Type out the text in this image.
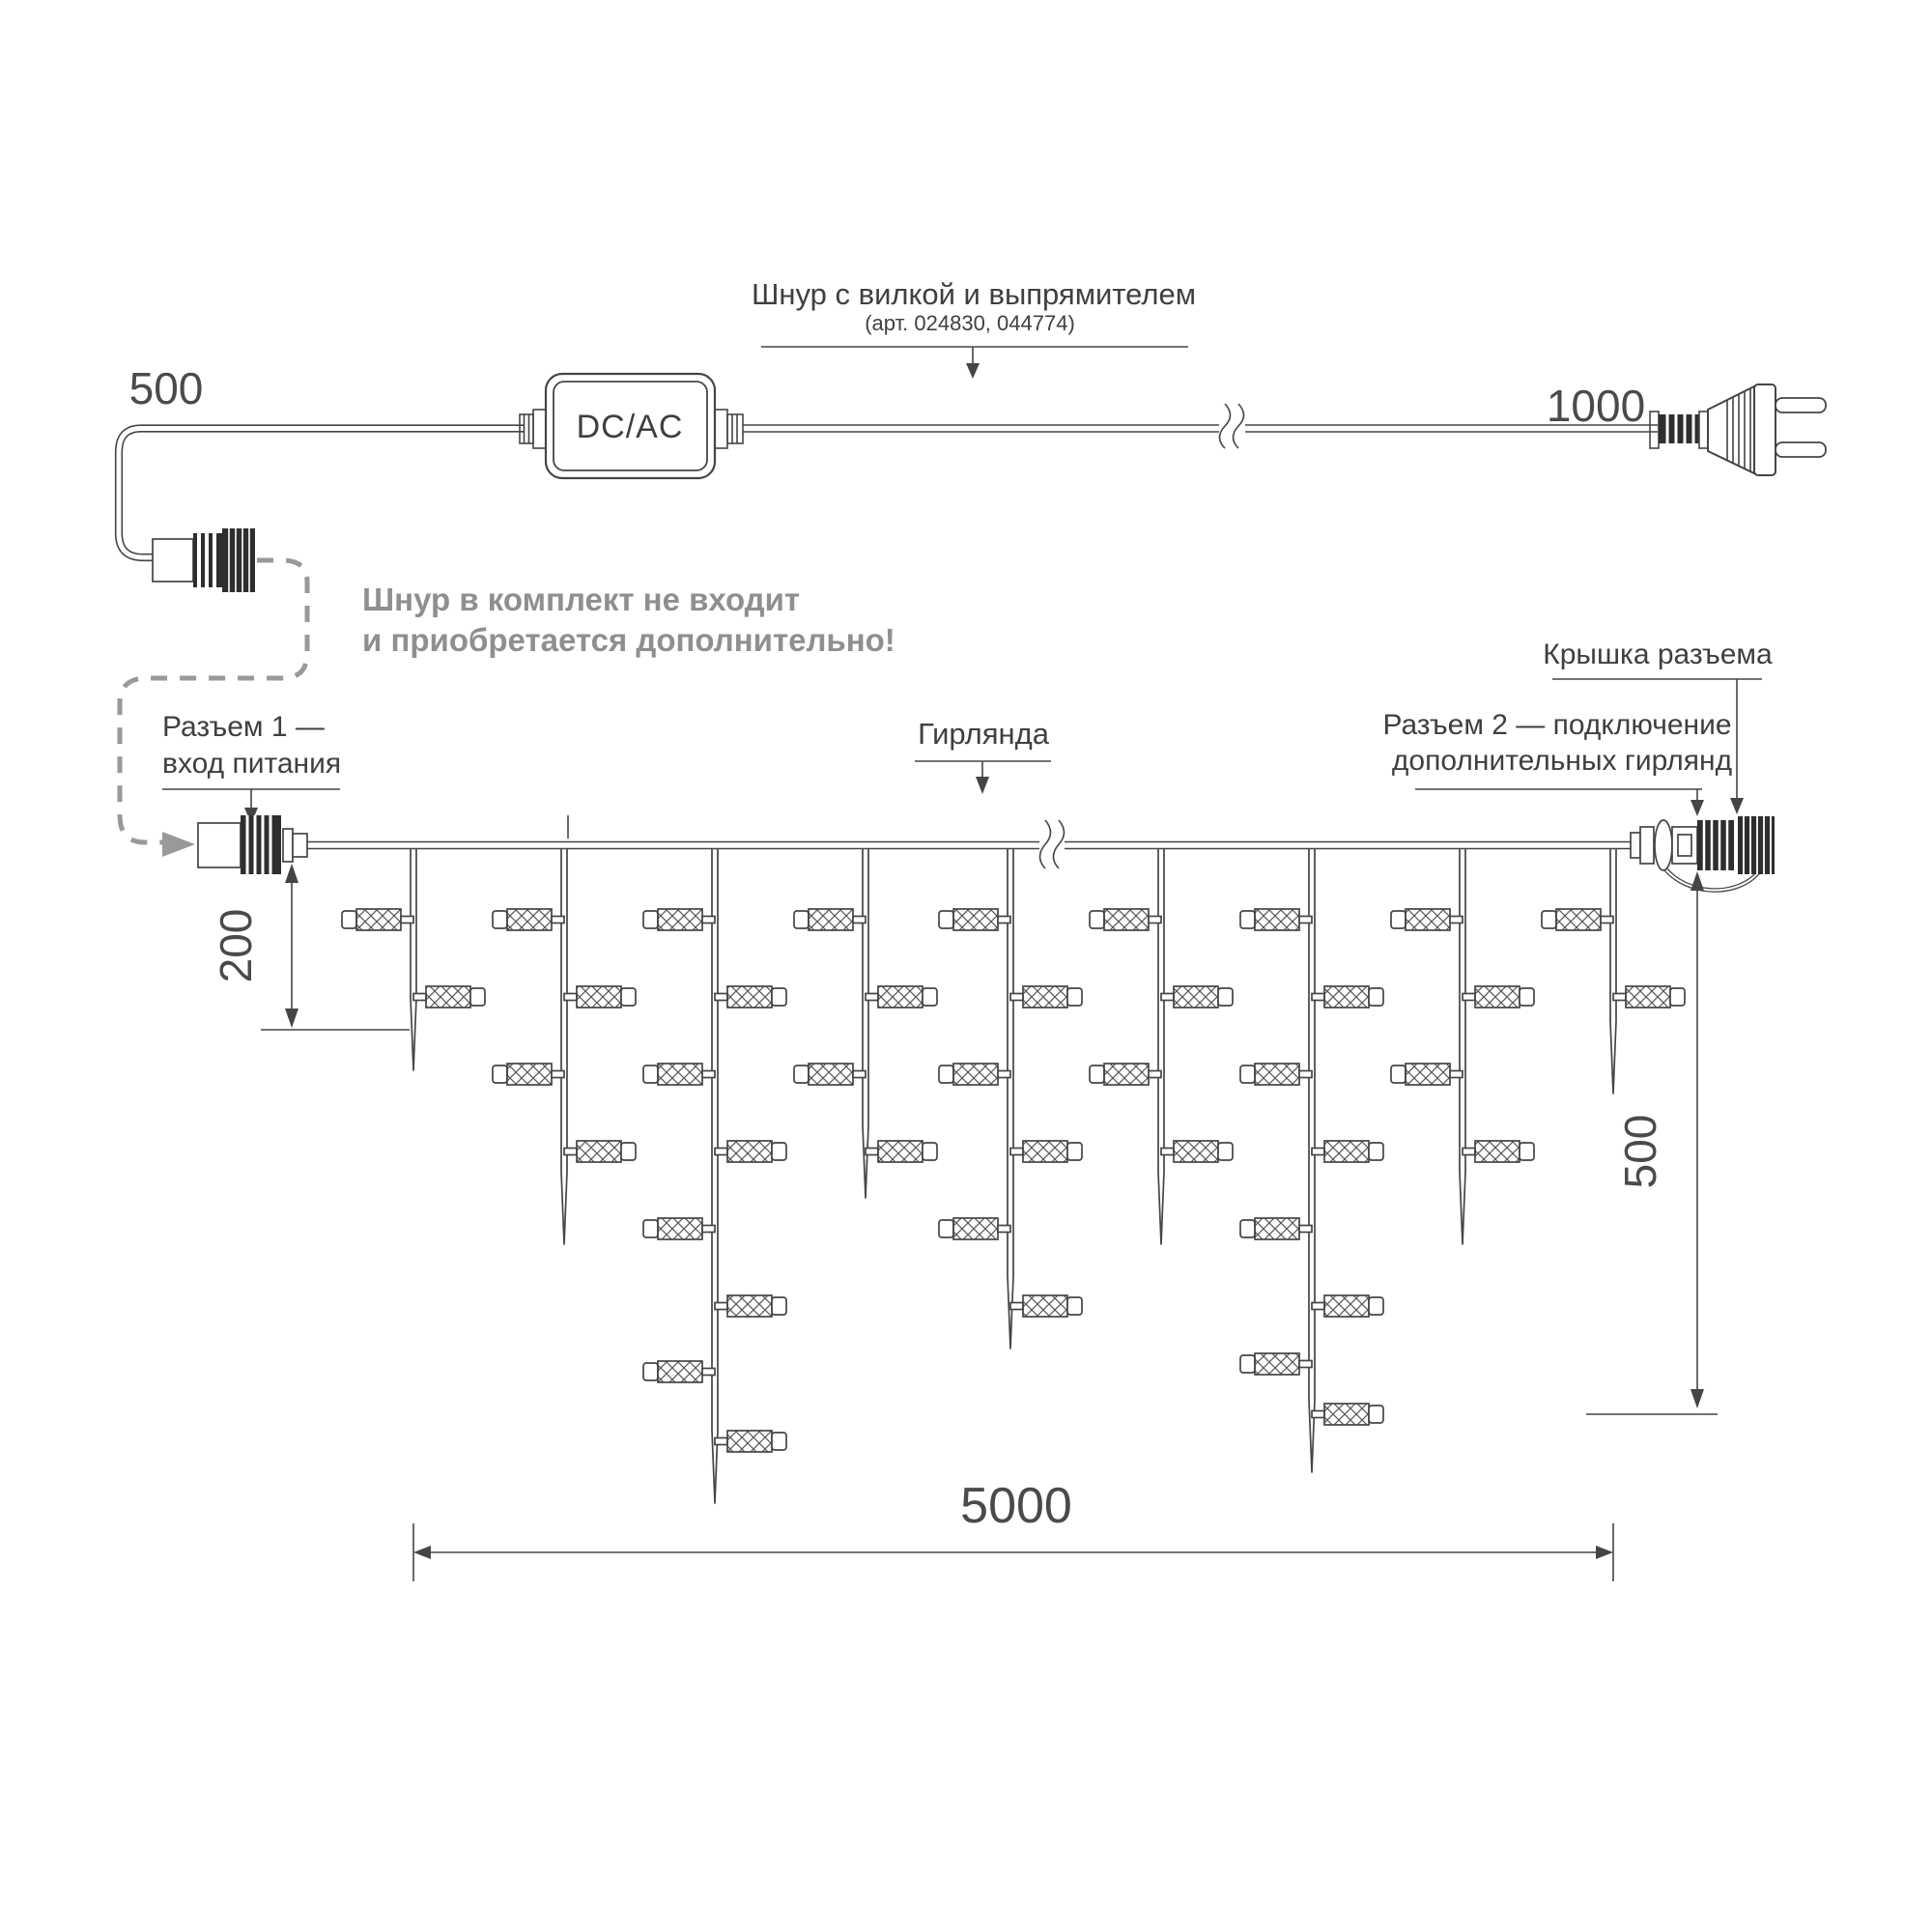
Шнур с вилкой и выпрямителем
(арт. 024830, 044774)
500	1000
DC/AC
Шнур в комплект не входит
и приобретается дополнительно!
Разъем 1 —
вход питания
Гирлянда
Крышка разъема
Разъем 2 — подключение
дополнительных гирлянд
200
500
5000
